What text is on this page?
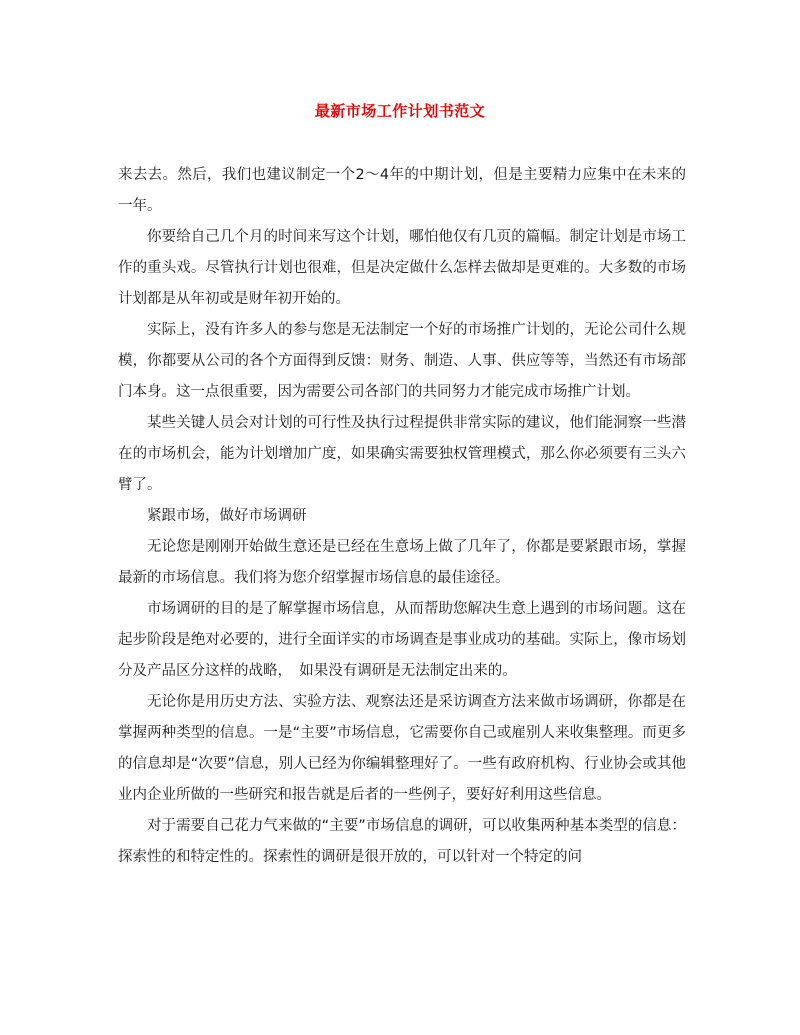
最新市场工作计划书范文

来去去。然后，我们也建议制定一个2～4年的中期计划，但是主要精力应集中在未来的一年。

你要给自己几个月的时间来写这个计划，哪怕他仅有几页的篇幅。制定计划是市场工作的重头戏。尽管执行计划也很难，但是决定做什么怎样去做却是更难的。大多数的市场计划都是从年初或是财年初开始的。

实际上，没有许多人的参与您是无法制定一个好的市场推广计划的，无论公司什么规模，你都要从公司的各个方面得到反馈：财务、制造、人事、供应等等，当然还有市场部门本身。这一点很重要，因为需要公司各部门的共同努力才能完成市场推广计划。

某些关键人员会对计划的可行性及执行过程提供非常实际的建议，他们能洞察一些潜在的市场机会，能为计划增加广度，如果确实需要独权管理模式，那么你必须要有三头六臂了。

紧跟市场，做好市场调研

无论您是刚刚开始做生意还是已经在生意场上做了几年了，你都是要紧跟市场，掌握最新的市场信息。我们将为您介绍掌握市场信息的最佳途径。

市场调研的目的是了解掌握市场信息，从而帮助您解决生意上遇到的市场问题。这在起步阶段是绝对必要的，进行全面详实的市场调查是事业成功的基础。实际上，像市场划分及产品区分这样的战略，　如果没有调研是无法制定出来的。

无论你是用历史方法、实验方法、观察法还是采访调查方法来做市场调研，你都是在掌握两种类型的信息。一是“主要”市场信息，它需要你自己或雇别人来收集整理。而更多的信息却是“次要”信息，别人已经为你编辑整理好了。一些有政府机构、行业协会或其他业内企业所做的一些研究和报告就是后者的一些例子，要好好利用这些信息。

对于需要自己花力气来做的“主要”市场信息的调研，可以收集两种基本类型的信息：探索性的和特定性的。探索性的调研是很开放的，可以针对一个特定的问
